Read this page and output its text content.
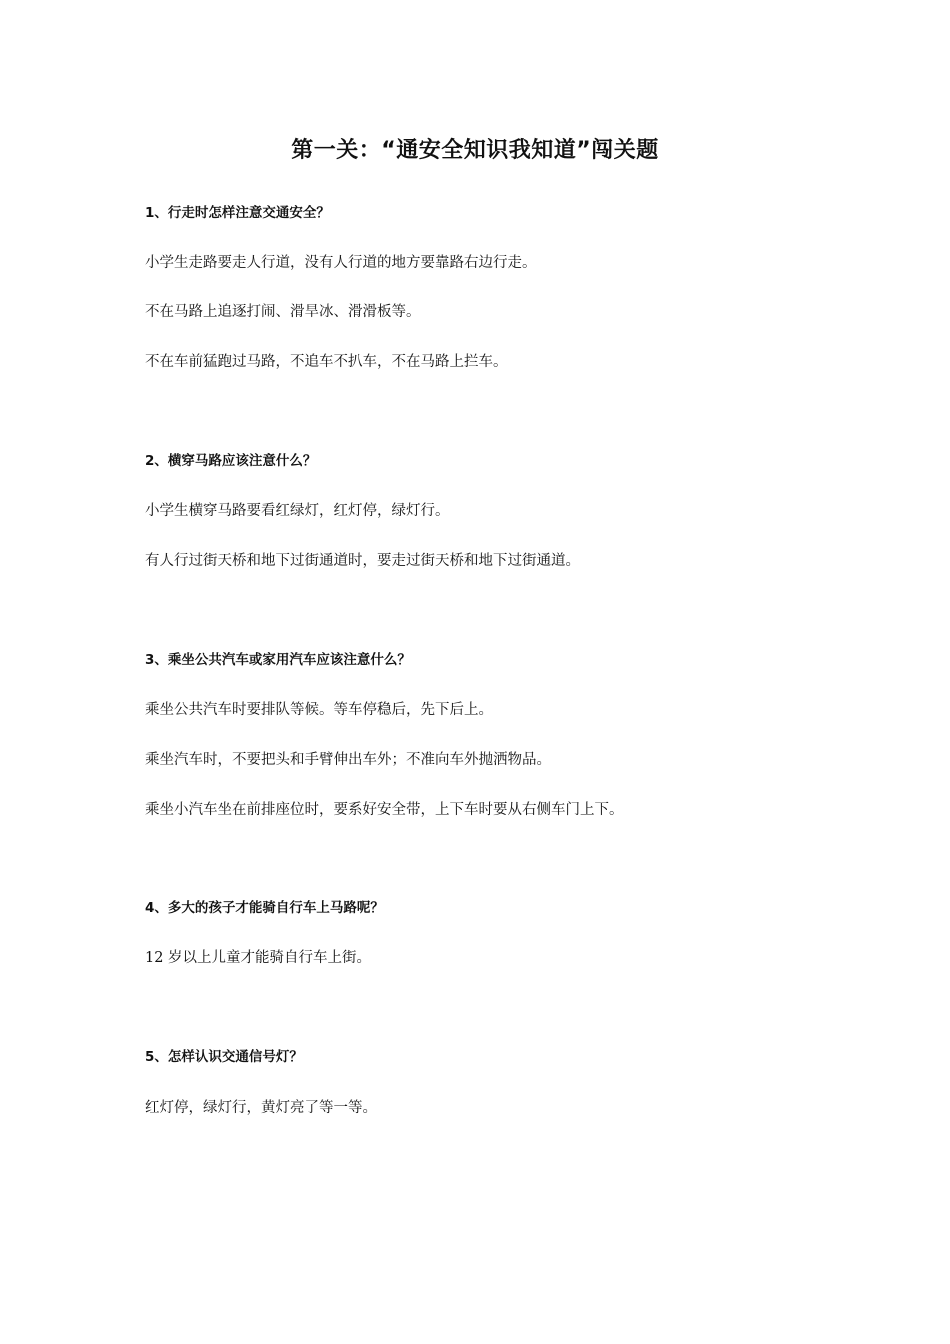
第一关：“通安全知识我知道”闯关题
1、行走时怎样注意交通安全？
小学生走路要走人行道，没有人行道的地方要靠路右边行走。
不在马路上追逐打闹、滑旱冰、滑滑板等。
不在车前猛跑过马路，不追车不扒车，不在马路上拦车。
2、横穿马路应该注意什么？
小学生横穿马路要看红绿灯，红灯停，绿灯行。
有人行过街天桥和地下过街通道时，要走过街天桥和地下过街通道。
3、乘坐公共汽车或家用汽车应该注意什么？
乘坐公共汽车时要排队等候。等车停稳后，先下后上。
乘坐汽车时，不要把头和手臂伸出车外；不准向车外抛洒物品。
乘坐小汽车坐在前排座位时，要系好安全带，上下车时要从右侧车门上下。
4、多大的孩子才能骑自行车上马路呢？
12 岁以上儿童才能骑自行车上街。
5、怎样认识交通信号灯？
红灯停，绿灯行，黄灯亮了等一等。
